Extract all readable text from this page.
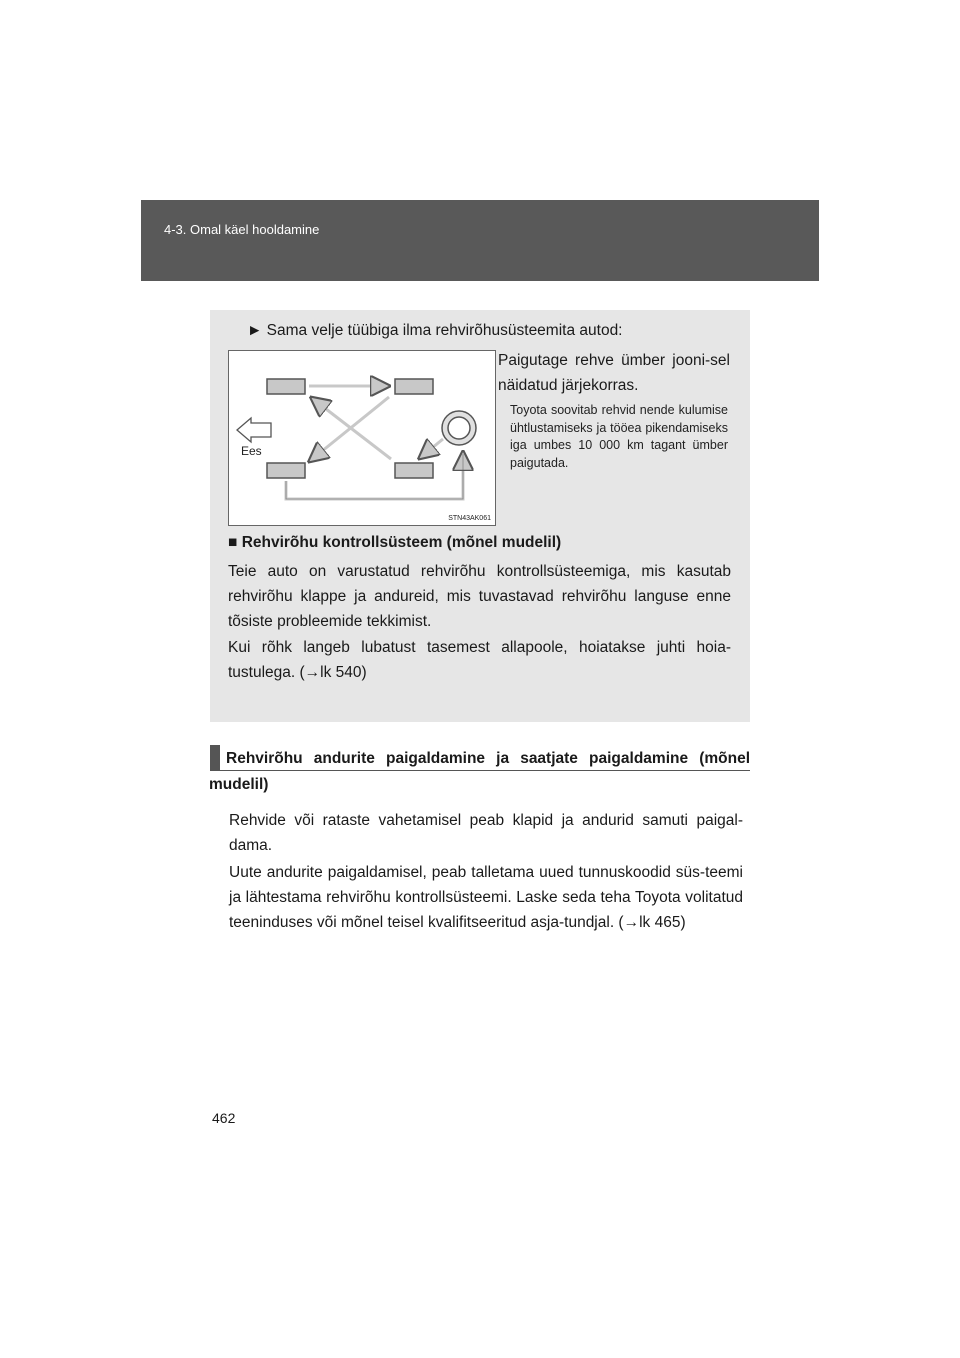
4-3. Omal käel hooldamine
► Sama velje tüübiga ilma rehvirõhusüsteemita autod:
Ees
STN43AK061
Paigutage rehve ümber jooni-sel näidatud järjekorras.
Toyota soovitab rehvid nende kulumise ühtlustamiseks ja tööea pikendamiseks iga umbes 10 000 km tagant ümber paigutada.
■ Rehvirõhu kontrollsüsteem (mõnel mudelil)
Teie auto on varustatud rehvirõhu kontrollsüsteemiga, mis kasutab rehvirõhu klappe ja andureid, mis tuvastavad rehvirõhu languse enne tõsiste probleemide tekkimist.
Kui rõhk langeb lubatust tasemest allapoole, hoiatakse juhti hoia-tustulega. (→lk 540)
Rehvirõhu andurite paigaldamine ja saatjate paigaldamine (mõnel
mudelil)
Rehvide või rataste vahetamisel peab klapid ja andurid samuti paigal-dama.
Uute andurite paigaldamisel, peab talletama uued tunnuskoodid süs-teemi ja lähtestama rehvirõhu kontrollsüsteemi. Laske seda teha Toyota volitatud teeninduses või mõnel teisel kvalifitseeritud asja-tundjal. (→lk 465)
462
